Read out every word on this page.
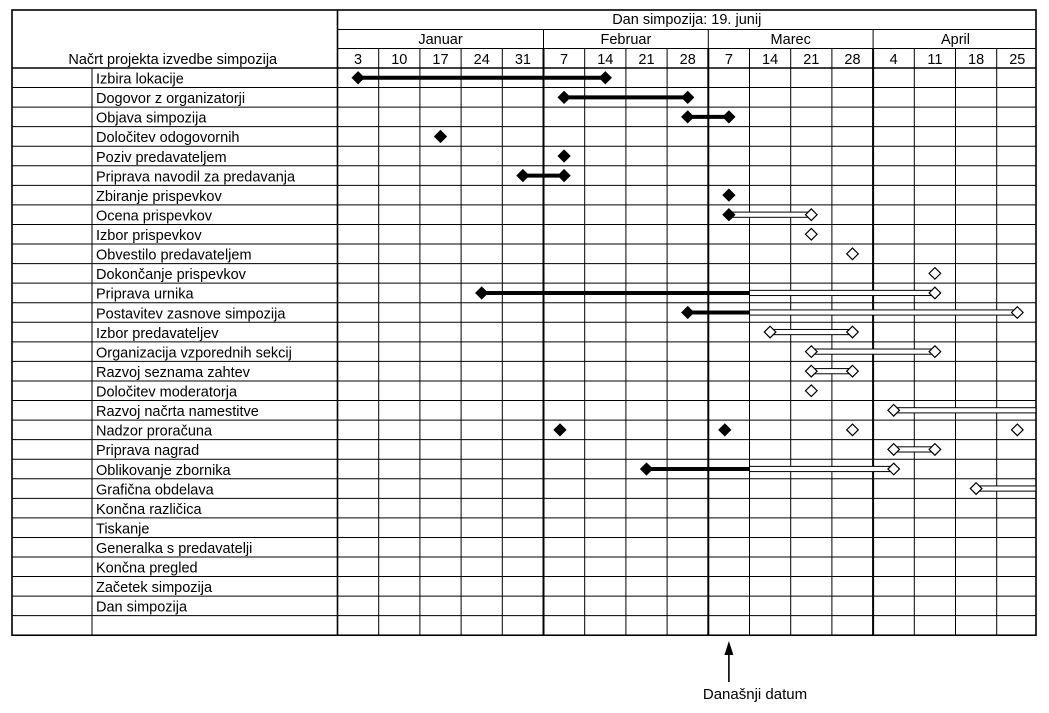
Dan simpozija: 19. junij
Januar	Februar	Marec	April
3 10 17 24 31 7 14 21 28 7 14 21 28 4 11 18 25
Načrt projekta izvedbe simpozija
Izbira lokacije
Dogovor z organizatorji
Objava simpozija
Določitev odogovornih
Poziv predavateljem
Priprava navodil za predavanja
Zbiranje prispevkov
Ocena prispevkov
Izbor prispevkov
Obvestilo predavateljem
Dokončanje prispevkov
Priprava urnika
Postavitev zasnove simpozija
Izbor predavateljev
Organizacija vzporednih sekcij
Razvoj seznama zahtev
Določitev moderatorja
Razvoj načrta namestitve
Nadzor proračuna
Priprava nagrad
Oblikovanje zbornika
Grafična obdelava
Končna različica
Tiskanje
Generalka s predavatelji
Končna pregled
Začetek simpozija
Dan simpozija
Današnji datum
